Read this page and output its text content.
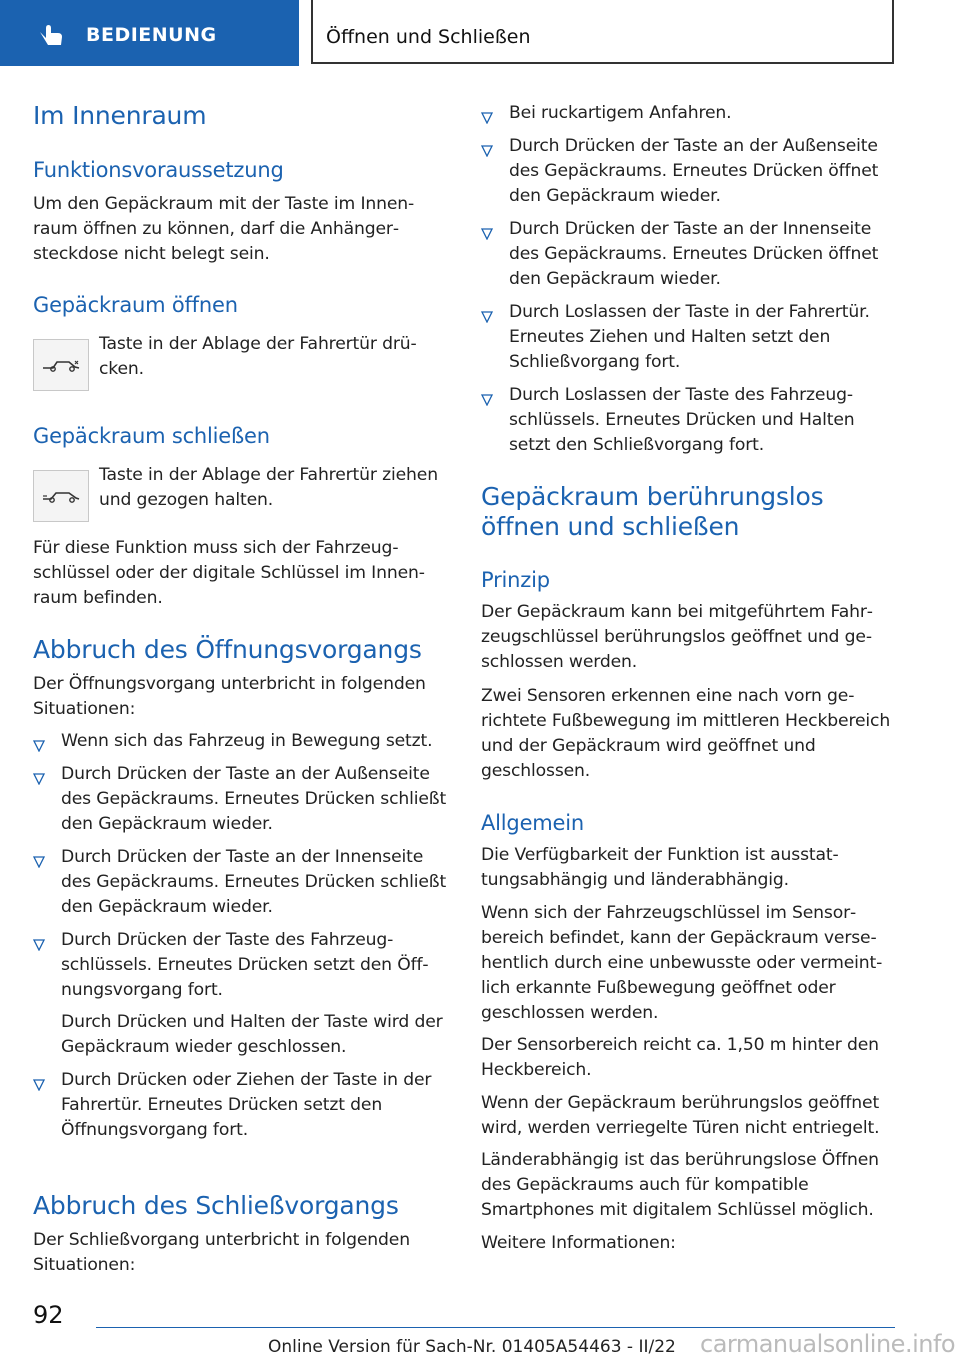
BEDIENUNG	Öffnen und Schließen
Im Innenraum
Funktionsvoraussetzung

Um den Gepäckraum mit der Taste im Innenraum öffnen zu können, darf die Anhängersteckdose nicht belegt sein.

Gepäckraum öffnen

Taste in der Ablage der Fahrertür drücken.

Gepäckraum schließen

Taste in der Ablage der Fahrertür ziehen und gezogen halten.

Für diese Funktion muss sich der Fahrzeugschlüssel oder der digitale Schlüssel im Innenraum befinden.

Abbruch des Öffnungsvorgangs

Der Öffnungsvorgang unterbricht in folgenden Situationen:

Wenn sich das Fahrzeug in Bewegung setzt.

Durch Drücken der Taste an der Außenseite des Gepäckraums. Erneutes Drücken schließt den Gepäckraum wieder.

Durch Drücken der Taste an der Innenseite des Gepäckraums. Erneutes Drücken schließt den Gepäckraum wieder.

Durch Drücken der Taste des Fahrzeugschlüssels. Erneutes Drücken setzt den Öffnungsvorgang fort.

Durch Drücken und Halten der Taste wird der Gepäckraum wieder geschlossen.

Durch Drücken oder Ziehen der Taste in der Fahrertür. Erneutes Drücken setzt den Öffnungsvorgang fort.

Abbruch des Schließvorgangs

Der Schließvorgang unterbricht in folgenden Situationen:

Bei ruckartigem Anfahren.

Durch Drücken der Taste an der Außenseite des Gepäckraums. Erneutes Drücken öffnet den Gepäckraum wieder.

Durch Drücken der Taste an der Innenseite des Gepäckraums. Erneutes Drücken öffnet den Gepäckraum wieder.

Durch Loslassen der Taste in der Fahrertür. Erneutes Ziehen und Halten setzt den Schließvorgang fort.

Durch Loslassen der Taste des Fahrzeugschlüssels. Erneutes Drücken und Halten setzt den Schließvorgang fort.

Gepäckraum berührungslos öffnen und schließen
Prinzip

Der Gepäckraum kann bei mitgeführtem Fahrzeugschlüssel berührungslos geöffnet und geschlossen werden.

Zwei Sensoren erkennen eine nach vorn gerichtete Fußbewegung im mittleren Heckbereich und der Gepäckraum wird geöffnet und geschlossen.

Allgemein

Die Verfügbarkeit der Funktion ist ausstattungsabhängig und länderabhängig.

Wenn sich der Fahrzeugschlüssel im Sensorbereich befindet, kann der Gepäckraum versehentlich durch eine unbewusste oder vermeintlich erkannte Fußbewegung geöffnet oder geschlossen werden.

Der Sensorbereich reicht ca. 1,50 m hinter den Heckbereich.

Wenn der Gepäckraum berührungslos geöffnet wird, werden verriegelte Türen nicht entriegelt.

Länderabhängig ist das berührungslose Öffnen des Gepäckraums auch für kompatible Smartphones mit digitalem Schlüssel möglich.

Weitere Informationen:

92
Online Version für Sach-Nr. 01405A54463 - II/22 carmanualsonline.info
